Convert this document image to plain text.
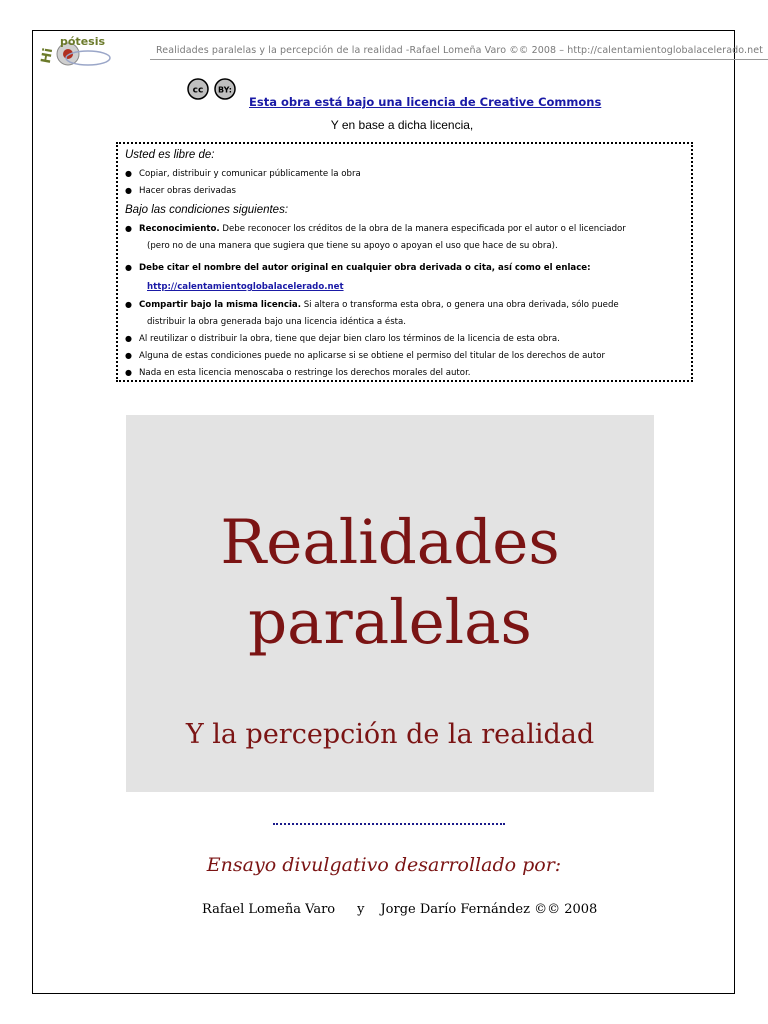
Hi
pótesis
Realidades paralelas y la percepción de la realidad -Rafael Lomeña Varo ©© 2008 – http://calentamientoglobalacelerado.net
cc BY:
Esta obra está bajo una licencia de Creative Commons
Y en base a dicha licencia,
Usted es libre de:
● Copiar, distribuir y comunicar públicamente la obra
● Hacer obras derivadas
Bajo las condiciones siguientes:
● Reconocimiento. Debe reconocer los créditos de la obra de la manera especificada por el autor o el licenciador
(pero no de una manera que sugiera que tiene su apoyo o apoyan el uso que hace de su obra).
● Debe citar el nombre del autor original en cualquier obra derivada o cita, así como el enlace:
http://calentamientoglobalacelerado.net
● Compartir bajo la misma licencia. Si altera o transforma esta obra, o genera una obra derivada, sólo puede
distribuir la obra generada bajo una licencia idéntica a ésta.
● Al reutilizar o distribuir la obra, tiene que dejar bien claro los términos de la licencia de esta obra.
● Alguna de estas condiciones puede no aplicarse si se obtiene el permiso del titular de los derechos de autor
● Nada en esta licencia menoscaba o restringe los derechos morales del autor.
Realidades
paralelas
Y la percepción de la realidad
Ensayo divulgativo desarrollado por:
Rafael Lomeña Varo y Jorge Darío Fernández ©© 2008
